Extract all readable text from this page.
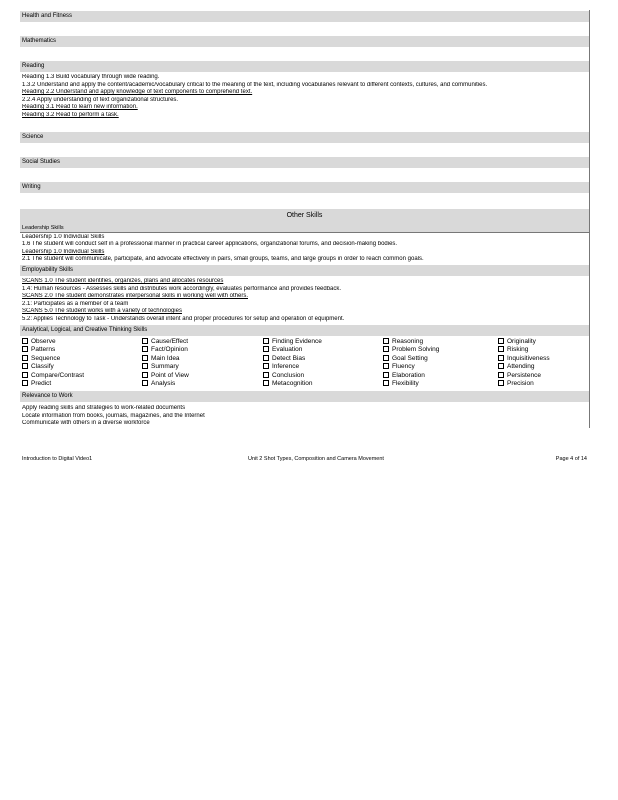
Health and Fitness
Mathematics
Reading
Reading 1.3 Build vocabulary through wide reading.
1.3.2 Understand and apply the content/academic/vocabulary critical to the meaning of the text, including vocabularies relevant to different contexts, cultures, and communities.
Reading 2.2 Understand and apply knowledge of text components to comprehend text.
2.2.4 Apply understanding of text organizational structures.
Reading 3.1 Read to learn new information.
Reading 3.2 Read to perform a task.
Science
Social Studies
Writing
Other Skills
Leadership Skills
Leadership 1.0 Individual Skills
1.6 The student will conduct self in a professional manner in practical career applications, organizational forums, and decision-making bodies.
Leadership 1.0 Individual Skills
2.1 The student will communicate, participate, and advocate effectively in pairs, small groups, teams, and large groups in order to reach common goals.
Employability Skills
SCANS 1.0 The student identifies, organizes, plans and allocates resources
1.4: Human resources - Assesses skills and distributes work accordingly, evaluates performance and provides feedback.
SCANS 2.0 The student demonstrates interpersonal skills in working well with others.
2.1: Participates as a member of a team
SCANS 5.0 The student works with a variety of technologies
5.2: Applies Technology to Task - Understands overall intent and proper procedures for setup and operation of equipment.
Analytical, Logical, and Creative Thinking Skills
Observe	Cause/Effect	Finding Evidence	Reasoning	Originality
Patterns	Fact/Opinion	Evaluation	Problem Solving	Risking
Sequence	Main Idea	Detect Bias	Goal Setting	Inquisitiveness
Classify	Summary	Inference	Fluency	Attending
Compare/Contrast	Point of View	Conclusion	Elaboration	Persistence
Predict	Analysis	Metacognition	Flexibility	Precision
Relevance to Work
Apply reading skills and strategies to work-related documents
Locate information from books, journals, magazines, and the Internet
Communicate with others in a diverse workforce
Introduction to Digital Video1	Unit 2 Shot Types, Composition and Camera Movement	Page 4 of 14
